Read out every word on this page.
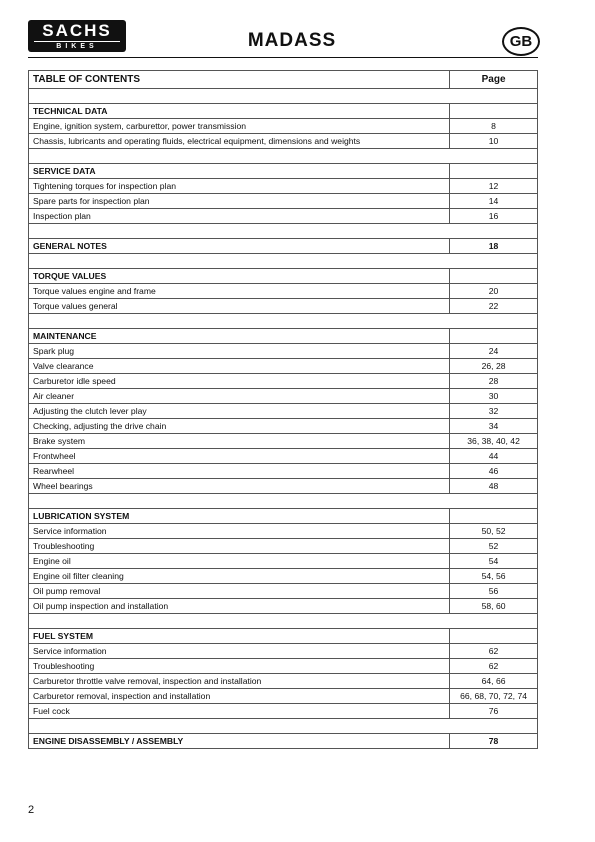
SACHS
BIKES	MADASS	GB
TABLE OF CONTENTS	Page

TECHNICAL DATA	
Engine, ignition system, carburettor, power transmission	8
Chassis, lubricants and operating fluids, electrical equipment, dimensions and weights	10

SERVICE DATA	
Tightening torques for inspection plan	12
Spare parts for inspection plan	14
Inspection plan	16

GENERAL NOTES	18

TORQUE VALUES	
Torque values engine and frame	20
Torque values general	22

MAINTENANCE	
Spark plug	24
Valve clearance	26, 28
Carburetor idle speed	28
Air cleaner	30
Adjusting the clutch lever play	32
Checking, adjusting the drive chain	34
Brake system	36, 38, 40, 42
Frontwheel	44
Rearwheel	46
Wheel bearings	48

LUBRICATION SYSTEM	
Service information	50, 52
Troubleshooting	52
Engine oil	54
Engine oil filter cleaning	54, 56
Oil pump removal	56
Oil pump inspection and installation	58, 60

FUEL SYSTEM	
Service information	62
Troubleshooting	62
Carburetor throttle valve removal, inspection and installation	64, 66
Carburetor removal, inspection and installation	66, 68, 70, 72, 74
Fuel cock	76

ENGINE DISASSEMBLY / ASSEMBLY	78
2
